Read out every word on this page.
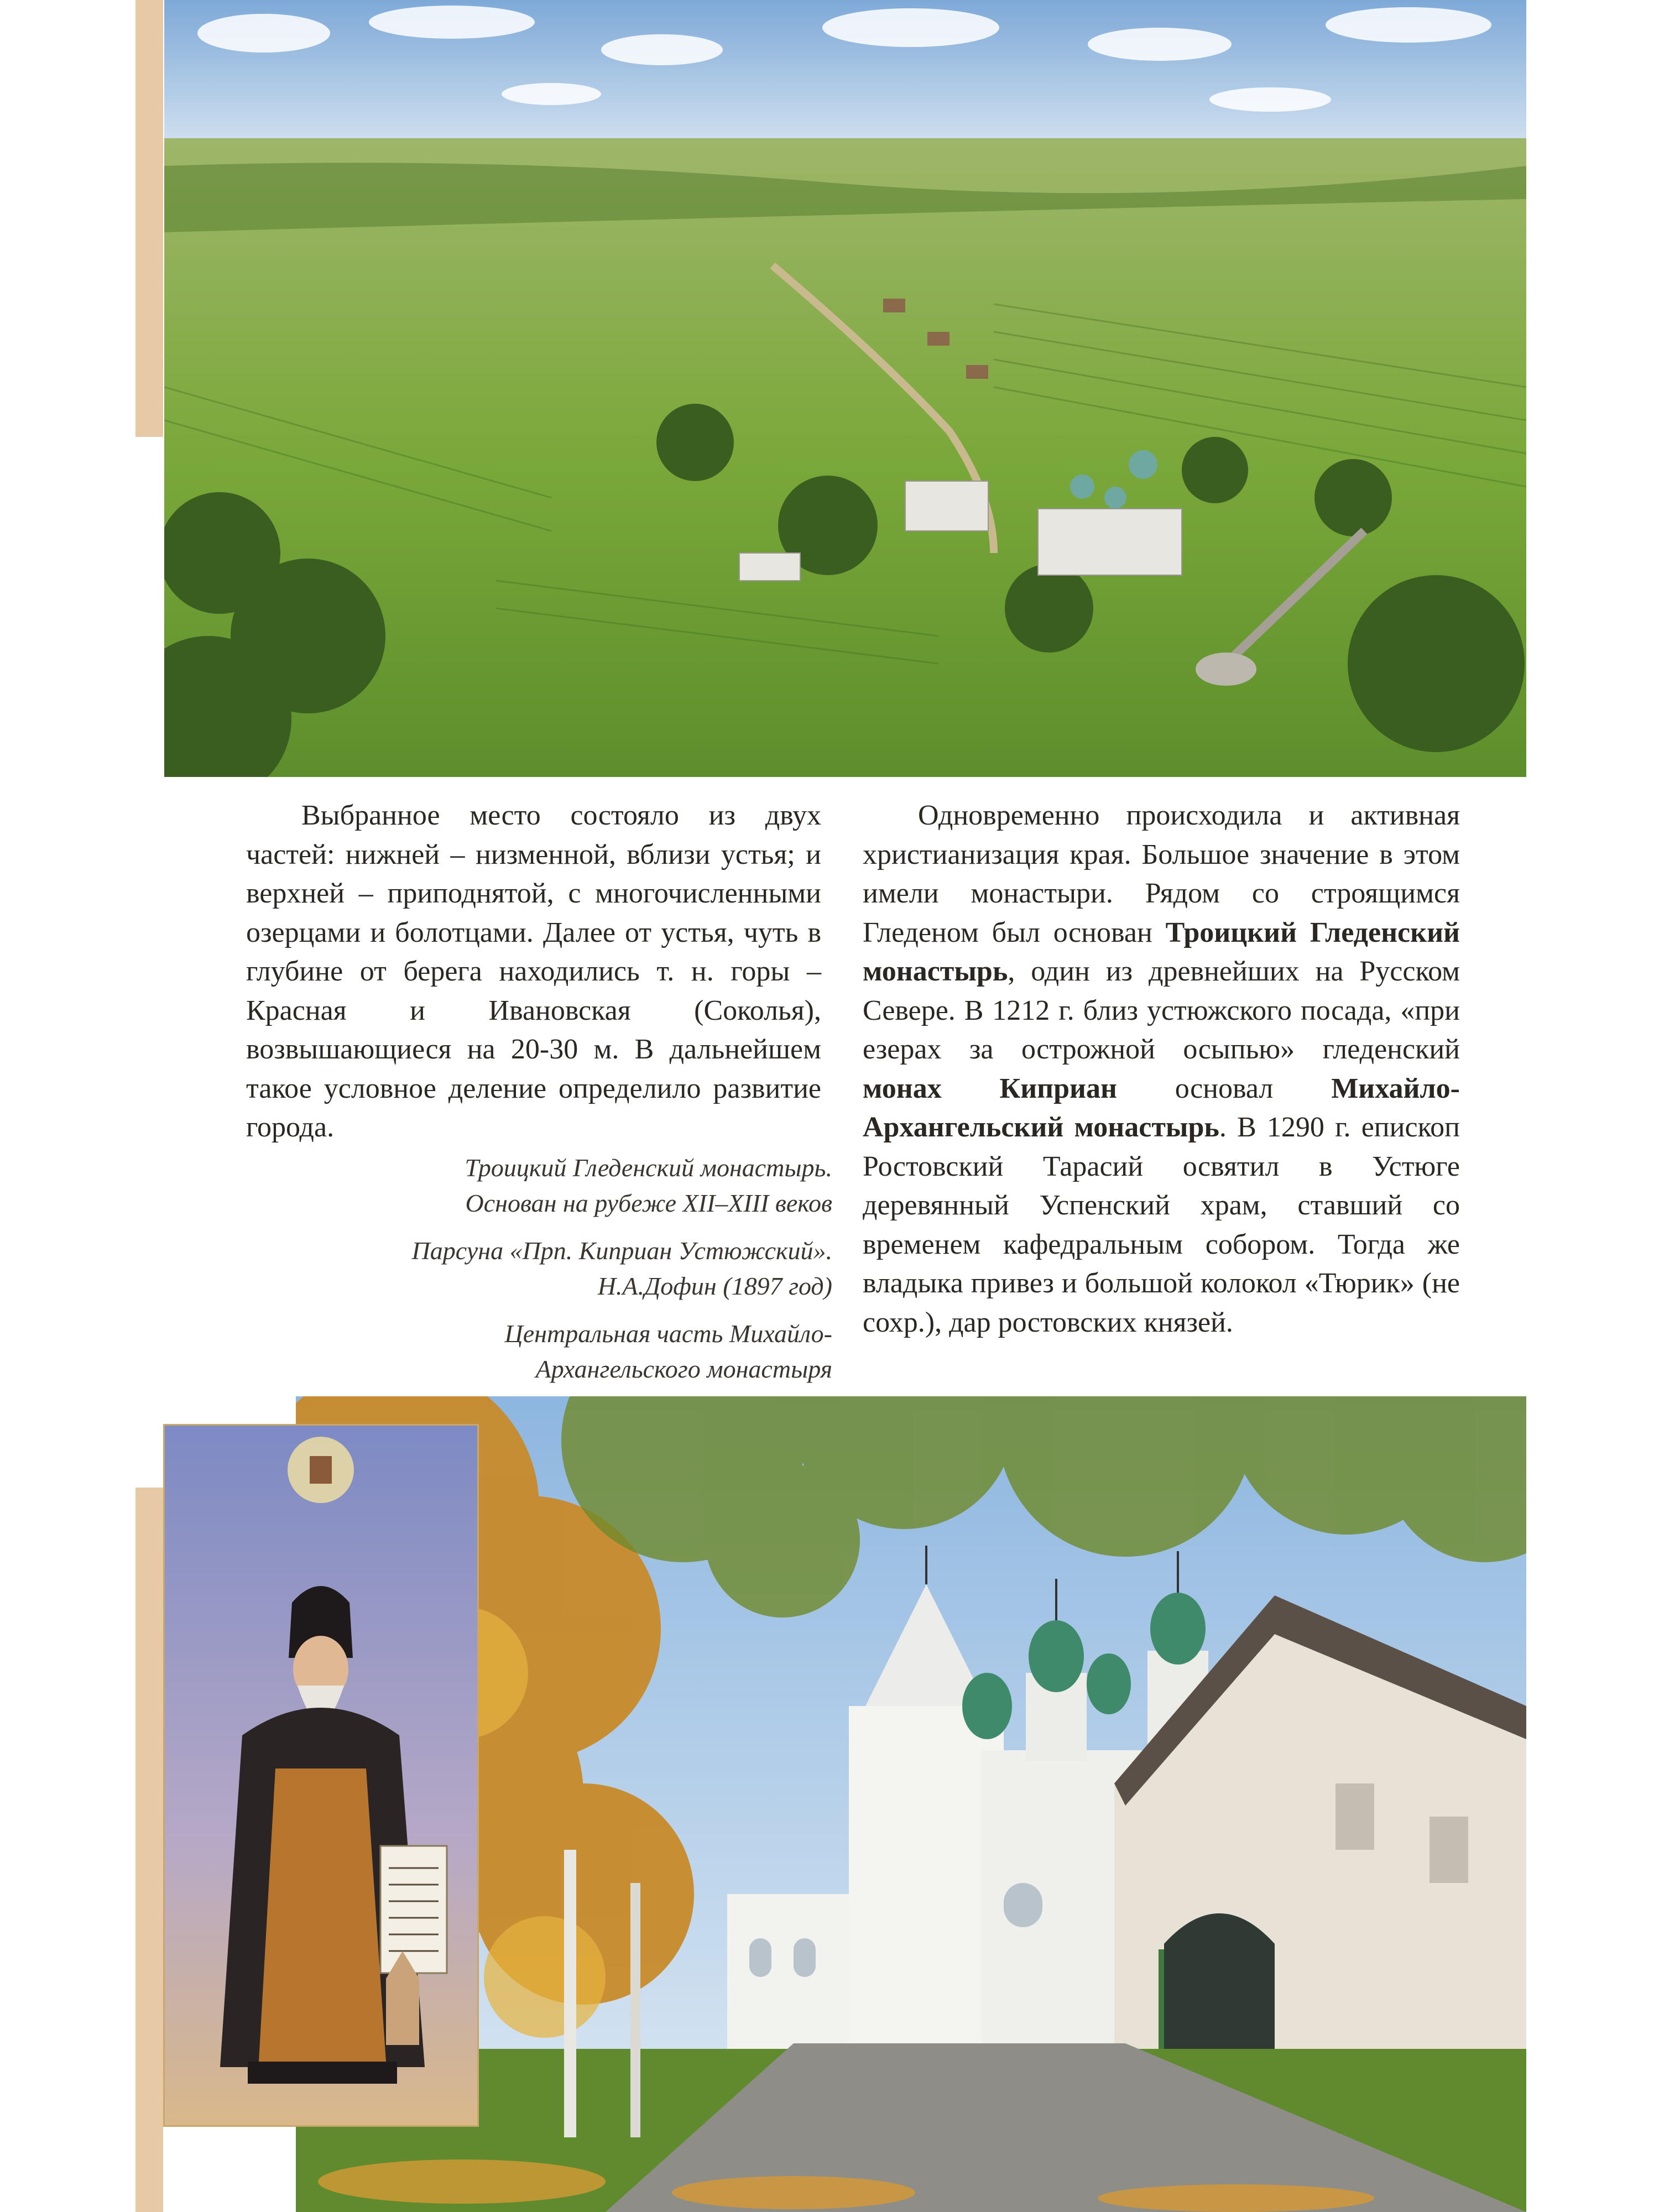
Выбранное место состояло из двух частей: нижней – низменной, вблизи устья; и верхней – приподнятой, с многочисленными озерцами и болотцами. Далее от устья, чуть в глубине от берега находились т. н. горы – Красная и Ивановская (Соколья), возвышающиеся на 20-30 м. В дальнейшем такое условное деление определило развитие города.

Троицкий Гледенский монастырь.
Основан на рубеже XII–XIII веков
Парсуна «Прп. Киприан Устюжский».
Н.А.Дофин (1897 год)
Центральная часть Михайло-
Архангельского монастыря

Одновременно происходила и активная христианизация края. Большое значение в этом имели монастыри. Рядом со строящимся Гледеном был основан Троицкий Гледенский монастырь, один из древнейших на Русском Севере. В 1212 г. близ устюжского посада, «при езерах за острожной осыпью» гледенский монах Киприан основал Михайло-Архангельский монастырь. В 1290 г. епископ Ростовский Тарасий освятил в Устюге деревянный Успенский храм, ставший со временем кафедральным собором. Тогда же владыка привез и большой колокол «Тюрик» (не сохр.), дар ростовских князей.
